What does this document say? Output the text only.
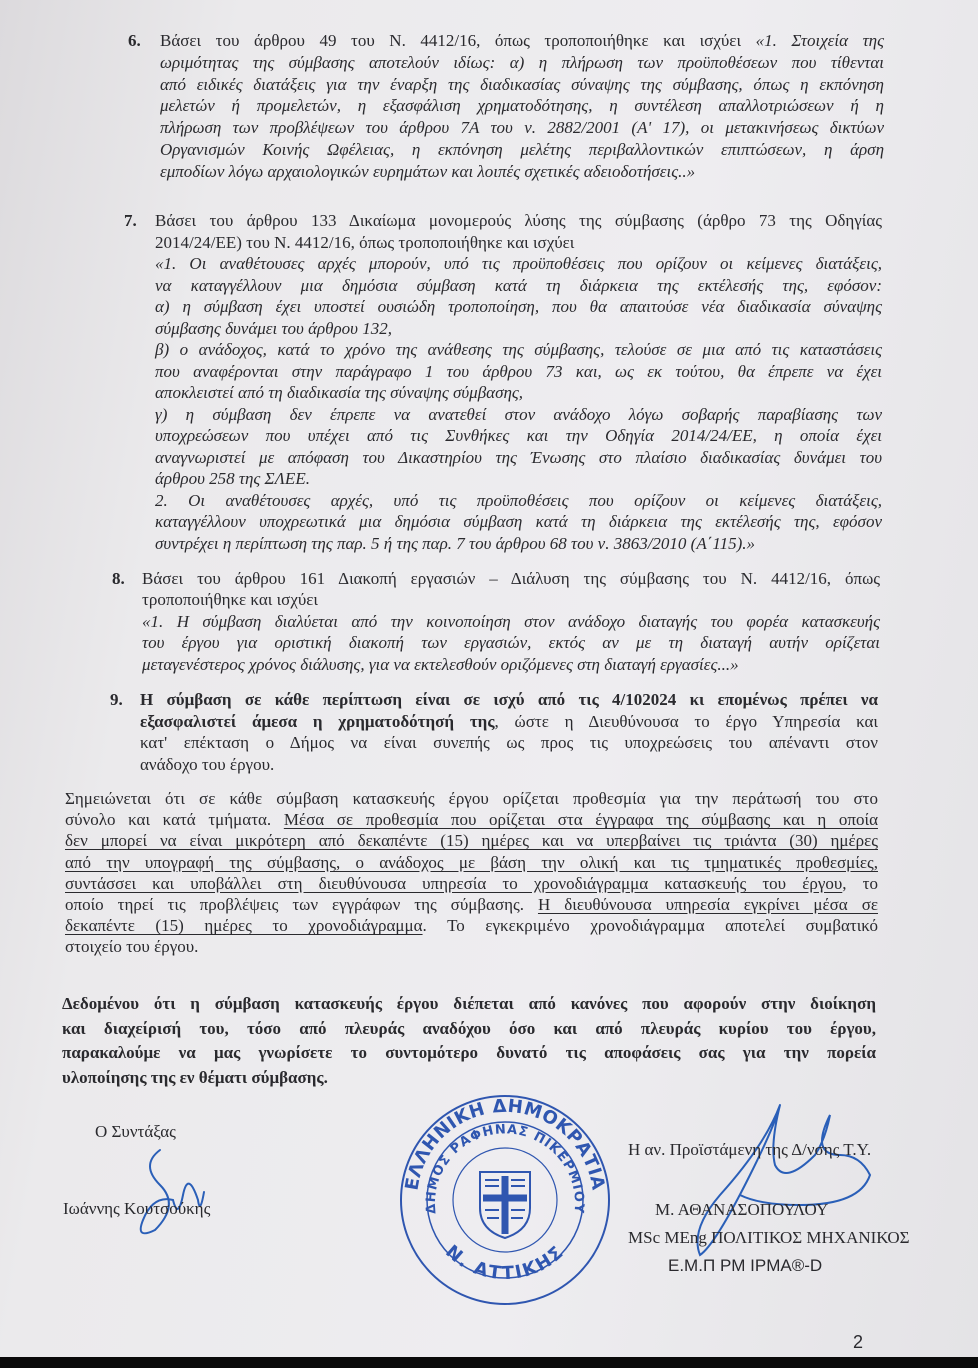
6. Βάσει του άρθρου 49 του Ν. 4412/16, όπως τροποποιήθηκε και ισχύει «1. Στοιχεία της
ωριμότητας της σύμβασης αποτελούν ιδίως: α) η πλήρωση των προϋποθέσεων που τίθενται
από ειδικές διατάξεις για την έναρξη της διαδικασίας σύναψης της σύμβασης, όπως η εκπόνηση
μελετών ή προμελετών, η εξασφάλιση χρηματοδότησης, η συντέλεση απαλλοτριώσεων ή η
πλήρωση των προβλέψεων του άρθρου 7Α του ν. 2882/2001 (Α' 17), οι μετακινήσεως δικτύων
Οργανισμών Κοινής Ωφέλειας, η εκπόνηση μελέτης περιβαλλοντικών επιπτώσεων, η άρση
εμποδίων λόγω αρχαιολογικών ευρημάτων και λοιπές σχετικές αδειοδοτήσεις..»
7. Βάσει του άρθρου 133 Δικαίωμα μονομερούς λύσης της σύμβασης (άρθρο 73 της Οδηγίας
2014/24/ΕΕ) του Ν. 4412/16, όπως τροποποιήθηκε και ισχύει
«1. Οι αναθέτουσες αρχές μπορούν, υπό τις προϋποθέσεις που ορίζουν οι κείμενες διατάξεις,
να καταγγέλλουν μια δημόσια σύμβαση κατά τη διάρκεια της εκτέλεσής της, εφόσον:
α) η σύμβαση έχει υποστεί ουσιώδη τροποποίηση, που θα απαιτούσε νέα διαδικασία σύναψης
σύμβασης δυνάμει του άρθρου 132,
β) ο ανάδοχος, κατά το χρόνο της ανάθεσης της σύμβασης, τελούσε σε μια από τις καταστάσεις
που αναφέρονται στην παράγραφο 1 του άρθρου 73 και, ως εκ τούτου, θα έπρεπε να έχει
αποκλειστεί από τη διαδικασία της σύναψης σύμβασης,
γ) η σύμβαση δεν έπρεπε να ανατεθεί στον ανάδοχο λόγω σοβαρής παραβίασης των
υποχρεώσεων που υπέχει από τις Συνθήκες και την Οδηγία 2014/24/ΕΕ, η οποία έχει
αναγνωριστεί με απόφαση του Δικαστηρίου της Ένωσης στο πλαίσιο διαδικασίας δυνάμει του
άρθρου 258 της ΣΛΕΕ.
2. Οι αναθέτουσες αρχές, υπό τις προϋποθέσεις που ορίζουν οι κείμενες διατάξεις,
καταγγέλλουν υποχρεωτικά μια δημόσια σύμβαση κατά τη διάρκεια της εκτέλεσής της, εφόσον
συντρέχει η περίπτωση της παρ. 5 ή της παρ. 7 του άρθρου 68 του ν. 3863/2010 (Α΄115).»
8. Βάσει του άρθρου 161 Διακοπή εργασιών – Διάλυση της σύμβασης του Ν. 4412/16, όπως
τροποποιήθηκε και ισχύει
«1. Η σύμβαση διαλύεται από την κοινοποίηση στον ανάδοχο διαταγής του φορέα κατασκευής
του έργου για οριστική διακοπή των εργασιών, εκτός αν με τη διαταγή αυτήν ορίζεται
μεταγενέστερος χρόνος διάλυσης, για να εκτελεσθούν οριζόμενες στη διαταγή εργασίες...»
9. Η σύμβαση σε κάθε περίπτωση είναι σε ισχύ από τις 4/102024 κι επομένως πρέπει να
εξασφαλιστεί άμεσα η χρηματοδότησή της, ώστε η Διευθύνουσα το έργο Υπηρεσία και
κατ' επέκταση ο Δήμος να είναι συνεπής ως προς τις υποχρεώσεις του απέναντι στον
ανάδοχο του έργου.
Σημειώνεται ότι σε κάθε σύμβαση κατασκευής έργου ορίζεται προθεσμία για την περάτωσή του στο
σύνολο και κατά τμήματα. Μέσα σε προθεσμία που ορίζεται στα έγγραφα της σύμβασης και η οποία
δεν μπορεί να είναι μικρότερη από δεκαπέντε (15) ημέρες και να υπερβαίνει τις τριάντα (30) ημέρες
από την υπογραφή της σύμβασης, ο ανάδοχος με βάση την ολική και τις τμηματικές προθεσμίες,
συντάσσει και υποβάλλει στη διευθύνουσα υπηρεσία το χρονοδιάγραμμα κατασκευής του έργου, το
οποίο τηρεί τις προβλέψεις των εγγράφων της σύμβασης. Η διευθύνουσα υπηρεσία εγκρίνει μέσα σε
δεκαπέντε (15) ημέρες το χρονοδιάγραμμα. Το εγκεκριμένο χρονοδιάγραμμα αποτελεί συμβατικό
στοιχείο του έργου.
Δεδομένου ότι η σύμβαση κατασκευής έργου διέπεται από κανόνες που αφορούν στην διοίκηση
και διαχείρισή του, τόσο από πλευράς αναδόχου όσο και από πλευράς κυρίου του έργου,
παρακαλούμε να μας γνωρίσετε το συντομότερο δυνατό τις αποφάσεις σας για την πορεία
υλοποίησης της εν θέματι σύμβασης.
ΕΛΛΗΝΙΚΗ ΔΗΜΟΚΡΑΤΙΑ
Ν. ΑΤΤΙΚΗΣ
ΔΗΜΟΣ ΡΑΦΗΝΑΣ ΠΙΚΕΡΜΙΟΥ
Ο Συντάξας
Ιωάννης Κουτσούκης
Η αν. Προϊστάμενη της Δ/νσης Τ.Υ.
Μ. ΑΘΑΝΑΣΟΠΟΥΛΟΥ
MSc MEng ΠΟΛΙΤΙΚΟΣ ΜΗΧΑΝΙΚΟΣ
Ε.Μ.Π PM IPMA®-D
2
